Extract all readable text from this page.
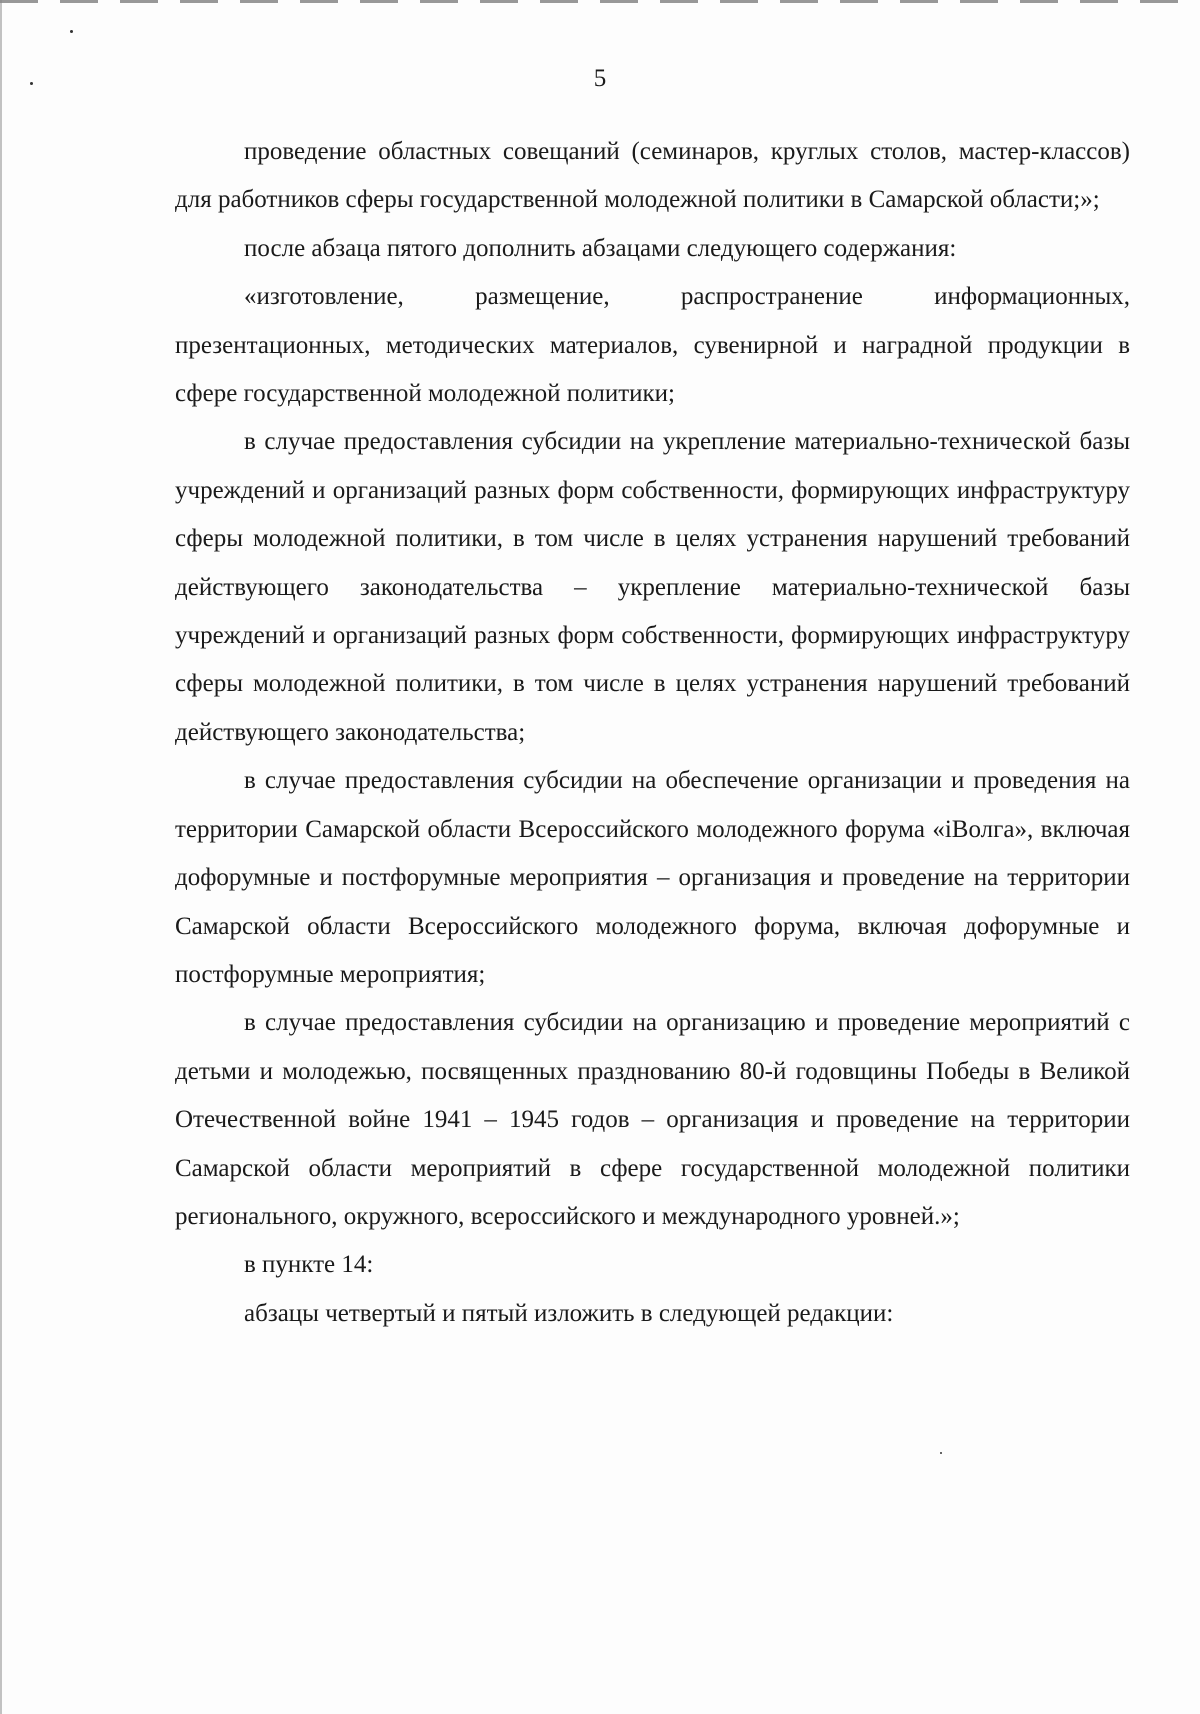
5

проведение областных совещаний (семинаров, круглых столов, мастер-классов) для работников сферы государственной молодежной политики в Самарской области;»;

после абзаца пятого дополнить абзацами следующего содержания:

«изготовление, размещение, распространение информационных, презентационных, методических материалов, сувенирной и наградной продукции в сфере государственной молодежной политики;

в случае предоставления субсидии на укрепление материально-технической базы учреждений и организаций разных форм собственности, формирующих инфраструктуру сферы молодежной политики, в том числе в целях устранения нарушений требований действующего законодательства – укрепление материально-технической базы учреждений и организаций разных форм собственности, формирующих инфраструктуру сферы молодежной политики, в том числе в целях устранения нарушений требований действующего законодательства;

в случае предоставления субсидии на обеспечение организации и проведения на территории Самарской области Всероссийского молодежного форума «iВолга», включая дофорумные и постфорумные мероприятия – организация и проведение на территории Самарской области Всероссийского молодежного форума, включая дофорумные и постфорумные мероприятия;

в случае предоставления субсидии на организацию и проведение мероприятий с детьми и молодежью, посвященных празднованию 80-й годовщины Победы в Великой Отечественной войне 1941 – 1945 годов – организация и проведение на территории Самарской области мероприятий в сфере государственной молодежной политики регионального, окружного, всероссийского и международного уровней.»;

в пункте 14:

абзацы четвертый и пятый изложить в следующей редакции:
